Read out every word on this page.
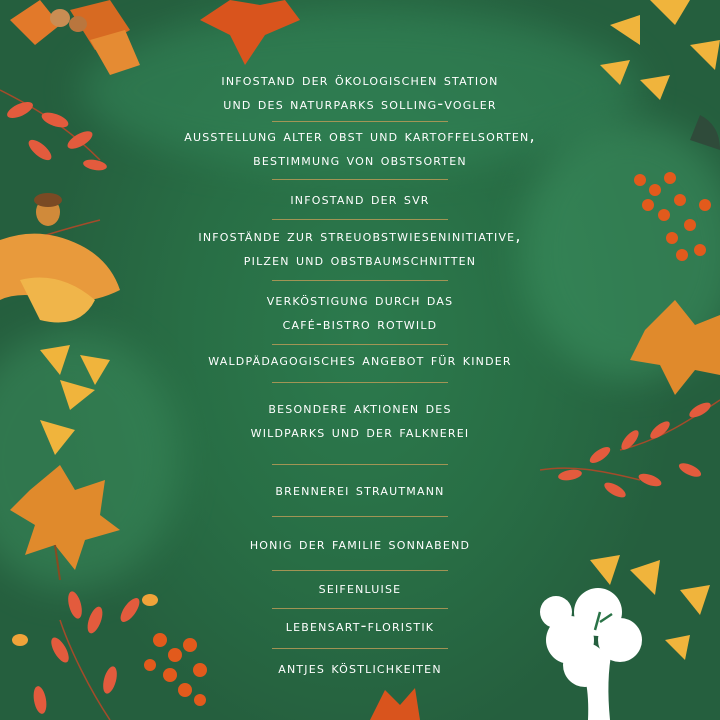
infostand der ökologischen station
und des naturparks solling-vogler

ausstellung alter obst und kartoffelsorten,
bestimmung von obstsorten

infostand der svr

infostände zur streuobstwieseninitiative,
pilzen und obstbaumschnitten

verköstigung durch das
café-bistro rotwild

waldpädagogisches angebot für kinder

besondere aktionen des
wildparks und der falknerei

brennerei strautmann

honig der familie sonnabend

seifenluise

lebensart-floristik

antjes köstlichkeiten
